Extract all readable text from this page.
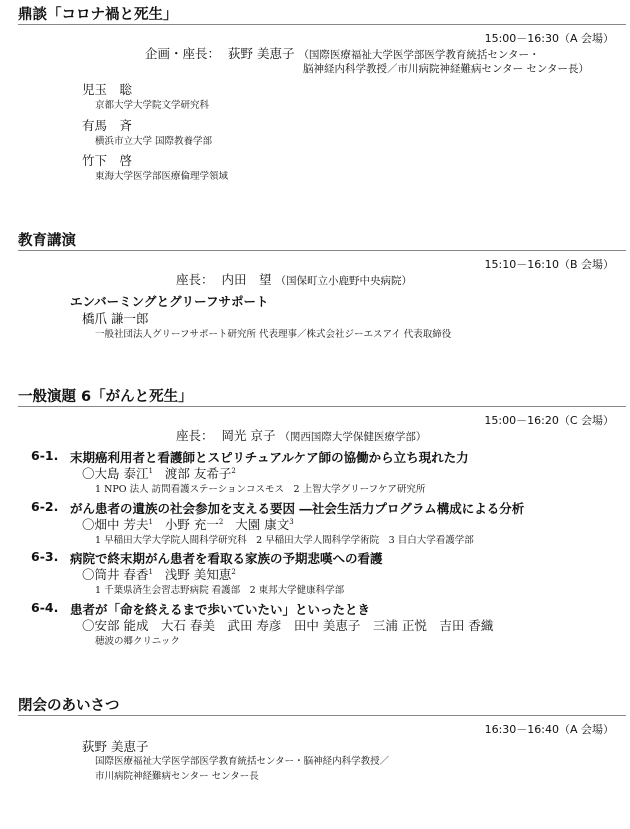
鼎談「コロナ禍と死生」
15:00－16:30（A 会場）
企画・座長： 荻野 美恵子 （国際医療福祉大学医学部医学教育統括センター・
脳神経内科学教授／市川病院神経難病センター センター長）
児玉　聡
京都大学大学院文学研究科
有馬　斉
横浜市立大学 国際教養学部
竹下　啓
東海大学医学部医療倫理学領域
教育講演
15:10－16:10（B 会場）
座長： 内田　望 （国保町立小鹿野中央病院）
エンバーミングとグリーフサポート
橋爪 謙一郎
一般社団法人グリーフサポート研究所 代表理事／株式会社ジーエスアイ 代表取締役
一般演題 6「がんと死生」
15:00－16:20（C 会場）
座長： 岡光 京子 （関西国際大学保健医療学部）
6-1. 末期癌利用者と看護師とスピリチュアルケア師の協働から立ち現れた力
〇大島 泰江$^1$ 渡部 友希子$^2$
1 NPO 法人 訪問看護ステーションコスモス　2 上智大学グリーフケア研究所
6-2. がん患者の遺族の社会参加を支える要因 ―社会生活力プログラム構成による分析
〇畑中 芳夫$^1$ 小野 充一$^2$ 大園 康文$^3$
1 早稲田大学大学院人間科学研究科　2 早稲田大学人間科学学術院　3 目白大学看護学部
6-3. 病院で終末期がん患者を看取る家族の予期悲嘆への看護
〇筒井 春香$^1$ 浅野 美知恵$^2$
1 千葉県済生会習志野病院 看護部　2 東邦大学健康科学部
6-4. 患者が「命を終えるまで歩いていたい」といったとき
〇安部 能成　大石 春美　武田 寿彦　田中 美恵子　三浦 正悦　吉田 香織
穂波の郷クリニック
閉会のあいさつ
16:30－16:40（A 会場）
荻野 美恵子
国際医療福祉大学医学部医学教育統括センター・脳神経内科学教授／
市川病院神経難病センター センター長
